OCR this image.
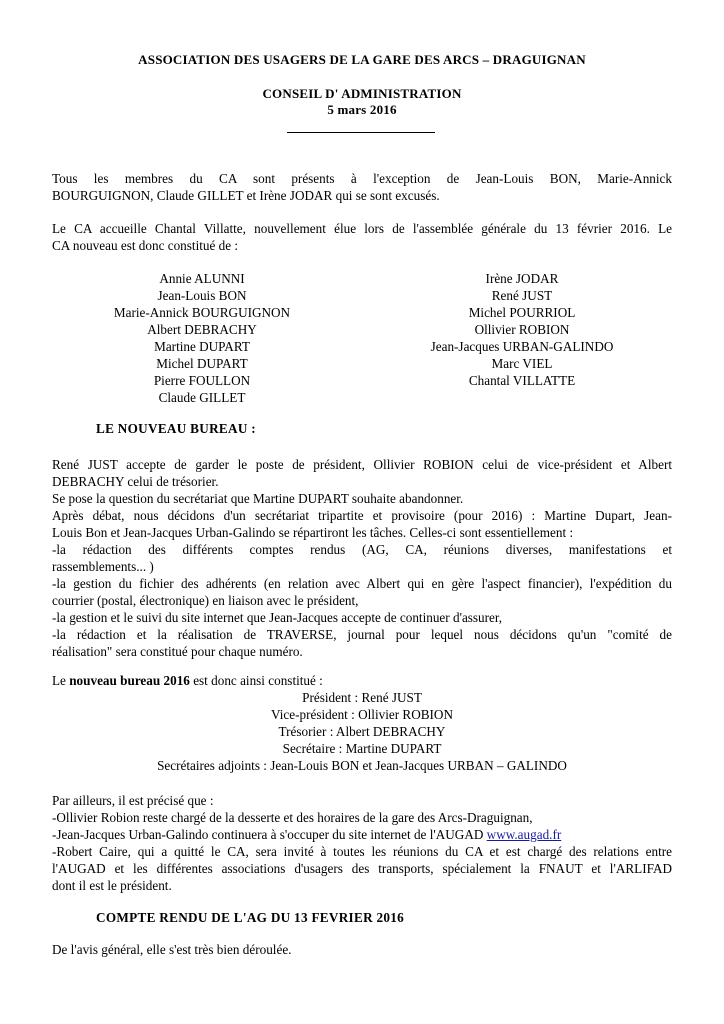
ASSOCIATION DES USAGERS DE LA GARE DES ARCS – DRAGUIGNAN
CONSEIL D' ADMINISTRATION
5 mars 2016
Tous les membres du CA sont présents à l'exception de Jean-Louis BON, Marie-Annick
BOURGUIGNON, Claude GILLET et Irène JODAR qui se sont excusés.
Le CA accueille Chantal Villatte, nouvellement élue lors de l'assemblée générale du 13 février 2016. Le
CA nouveau est donc constitué de :
Annie ALUNNI
Jean-Louis BON
Marie-Annick BOURGUIGNON
Albert DEBRACHY
Martine DUPART
Michel DUPART
Pierre FOULLON
Claude GILLET
Irène JODAR
René JUST
Michel POURRIOL
Ollivier ROBION
Jean-Jacques URBAN-GALINDO
Marc VIEL
Chantal VILLATTE
LE NOUVEAU BUREAU :
René JUST accepte de garder le poste de président, Ollivier ROBION celui de vice-président et Albert
DEBRACHY celui de trésorier.
Se pose la question du secrétariat que Martine DUPART souhaite abandonner.
Après débat, nous décidons d'un secrétariat tripartite et provisoire (pour 2016) : Martine Dupart, Jean-
Louis Bon et Jean-Jacques Urban-Galindo se répartiront les tâches. Celles-ci sont essentiellement :
-la rédaction des différents comptes rendus (AG, CA, réunions diverses, manifestations et
rassemblements... )
-la gestion du fichier des adhérents (en relation avec Albert qui en gère l'aspect financier), l'expédition du
courrier (postal, électronique) en liaison avec le président,
-la gestion et le suivi du site internet que Jean-Jacques accepte de continuer d'assurer,
-la rédaction et la réalisation de TRAVERSE, journal pour lequel nous décidons qu'un "comité de
réalisation" sera constitué pour chaque numéro.
Le nouveau bureau 2016 est donc ainsi constitué :
Président : René JUST
Vice-président : Ollivier ROBION
Trésorier : Albert DEBRACHY
Secrétaire : Martine DUPART
Secrétaires adjoints : Jean-Louis BON et Jean-Jacques URBAN – GALINDO
Par ailleurs, il est précisé que :
-Ollivier Robion reste chargé de la desserte et des horaires de la gare des Arcs-Draguignan,
-Jean-Jacques Urban-Galindo continuera à s'occuper du site internet de l'AUGAD www.augad.fr
-Robert Caire, qui a quitté le CA, sera invité à toutes les réunions du CA et est chargé des relations entre
l'AUGAD et les différentes associations d'usagers des transports, spécialement la FNAUT et l'ARLIFAD
dont il est le président.
COMPTE RENDU DE L'AG DU 13 FEVRIER 2016
De l'avis général, elle s'est très bien déroulée.
